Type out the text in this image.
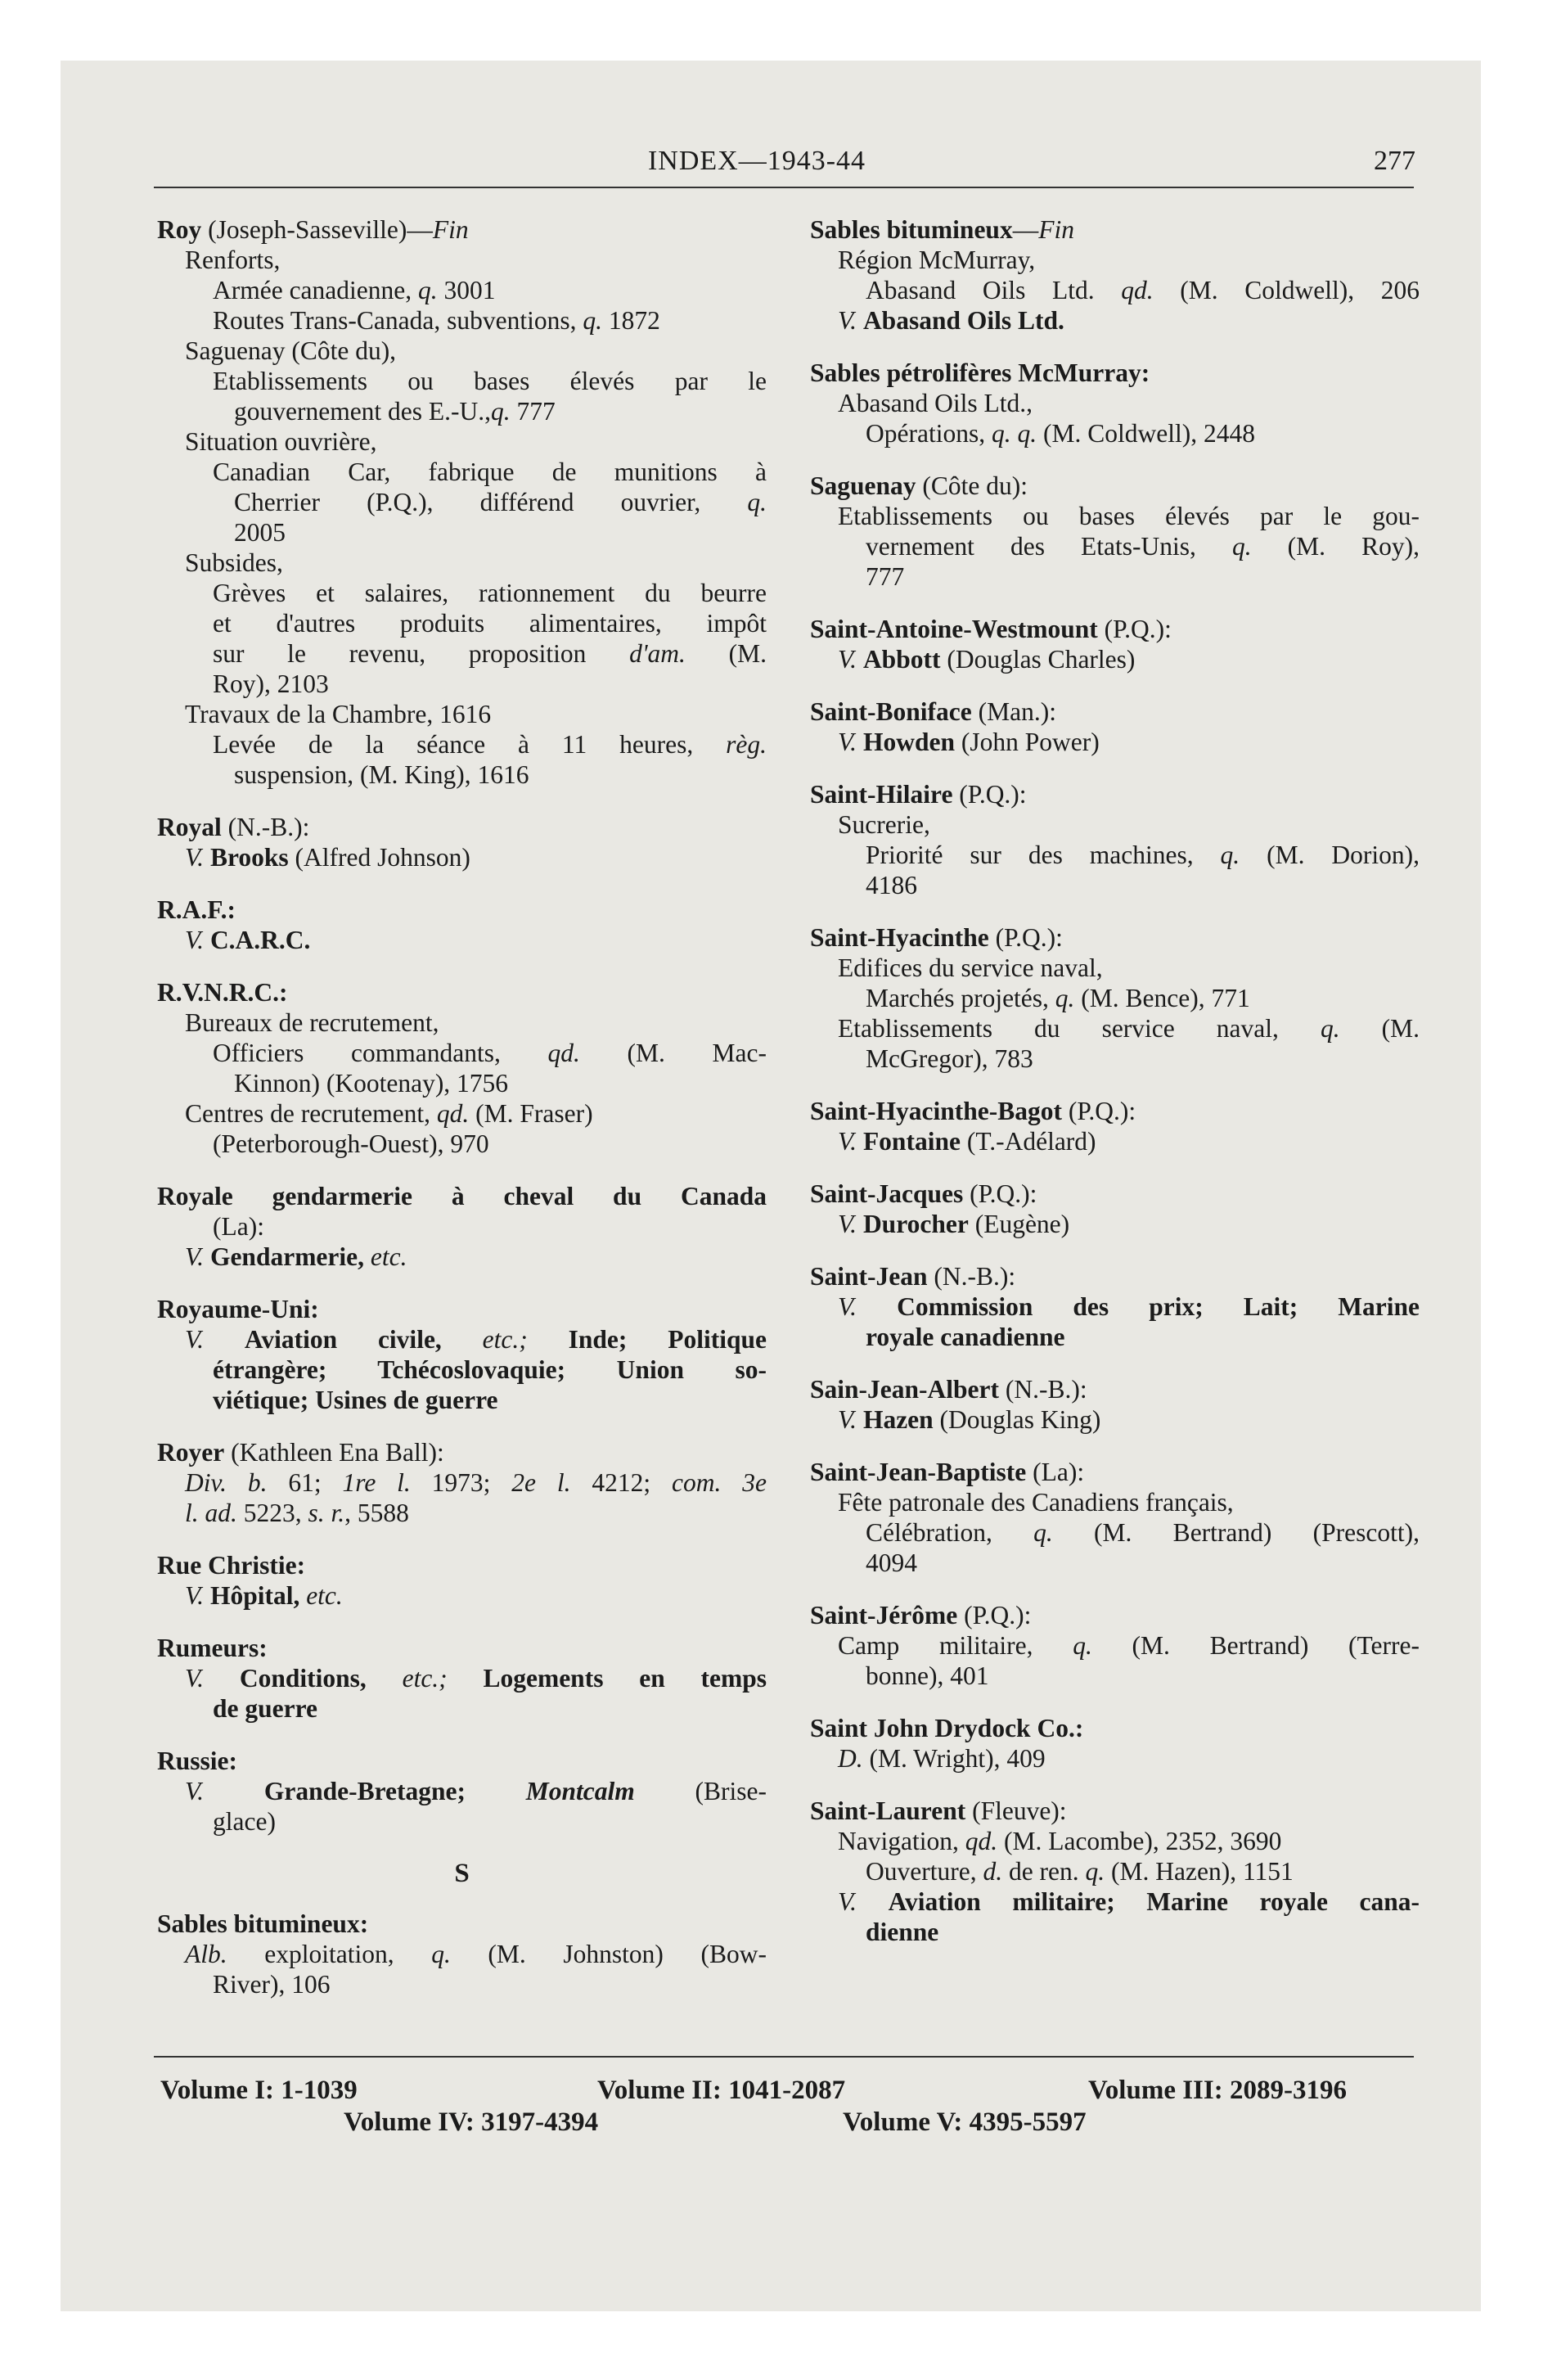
INDEX—1943-44	277
Roy (Joseph-Sasseville)—Fin
Renforts,
Armée canadienne, q. 3001
Routes Trans-Canada, subventions, q. 1872
Saguenay (Côte du),
Etablissements ou bases élevés par le
gouvernement des E.-U.,q. 777
Situation ouvrière,
Canadian Car, fabrique de munitions à
Cherrier (P.Q.), différend ouvrier, q.
2005
Subsides,
Grèves et salaires, rationnement du beurre
et d'autres produits alimentaires, impôt
sur le revenu, proposition d'am. (M.
Roy), 2103
Travaux de la Chambre, 1616
Levée de la séance à 11 heures, règ.
suspension, (M. King), 1616
Royal (N.-B.):
V. Brooks (Alfred Johnson)
R.A.F.:
V. C.A.R.C.
R.V.N.R.C.:
Bureaux de recrutement,
Officiers commandants, qd. (M. Mac-
Kinnon) (Kootenay), 1756
Centres de recrutement, qd. (M. Fraser)
(Peterborough-Ouest), 970
Royale gendarmerie à cheval du Canada
(La):
V. Gendarmerie, etc.
Royaume-Uni:
V. Aviation civile, etc.; Inde; Politique
étrangère; Tchécoslovaquie; Union so-
viétique; Usines de guerre
Royer (Kathleen Ena Ball):
Div. b. 61; 1re l. 1973; 2e l. 4212; com. 3e
l. ad. 5223, s. r., 5588
Rue Christie:
V. Hôpital, etc.
Rumeurs:
V. Conditions, etc.; Logements en temps
de guerre
Russie:
V. Grande-Bretagne; Montcalm (Brise-
glace)
S
Sables bitumineux:
Alb. exploitation, q. (M. Johnston) (Bow-
River), 106
Sables bitumineux—Fin
Région McMurray,
Abasand Oils Ltd. qd. (M. Coldwell), 206
V. Abasand Oils Ltd.
Sables pétrolifères McMurray:
Abasand Oils Ltd.,
Opérations, q. q. (M. Coldwell), 2448
Saguenay (Côte du):
Etablissements ou bases élevés par le gou-
vernement des Etats-Unis, q. (M. Roy),
777
Saint-Antoine-Westmount (P.Q.):
V. Abbott (Douglas Charles)
Saint-Boniface (Man.):
V. Howden (John Power)
Saint-Hilaire (P.Q.):
Sucrerie,
Priorité sur des machines, q. (M. Dorion),
4186
Saint-Hyacinthe (P.Q.):
Edifices du service naval,
Marchés projetés, q. (M. Bence), 771
Etablissements du service naval, q. (M.
McGregor), 783
Saint-Hyacinthe-Bagot (P.Q.):
V. Fontaine (T.-Adélard)
Saint-Jacques (P.Q.):
V. Durocher (Eugène)
Saint-Jean (N.-B.):
V. Commission des prix; Lait; Marine
royale canadienne
Sain-Jean-Albert (N.-B.):
V. Hazen (Douglas King)
Saint-Jean-Baptiste (La):
Fête patronale des Canadiens français,
Célébration, q. (M. Bertrand) (Prescott),
4094
Saint-Jérôme (P.Q.):
Camp militaire, q. (M. Bertrand) (Terre-
bonne), 401
Saint John Drydock Co.:
D. (M. Wright), 409
Saint-Laurent (Fleuve):
Navigation, qd. (M. Lacombe), 2352, 3690
Ouverture, d. de ren. q. (M. Hazen), 1151
V. Aviation militaire; Marine royale cana-
dienne
Volume I: 1-1039	Volume II: 1041-2087	Volume III: 2089-3196
Volume IV: 3197-4394	Volume V: 4395-5597
